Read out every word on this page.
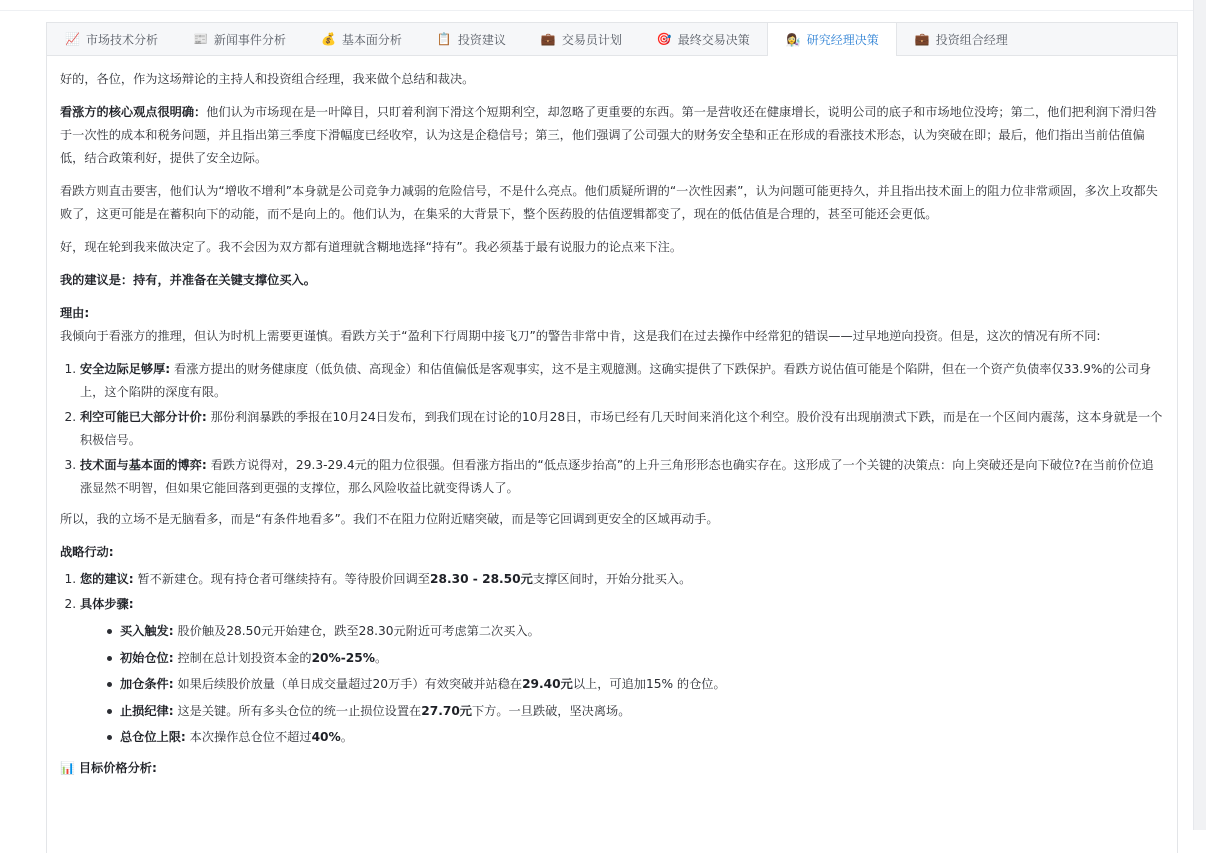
📈 市场技术分析	📰 新闻事件分析	💰 基本面分析	📋 投资建议	💼 交易员计划	🎯 最终交易决策	👩‍🔬 研究经理决策	💼 投资组合经理

好的，各位，作为这场辩论的主持人和投资组合经理，我来做个总结和裁决。

看涨方的核心观点很明确：他们认为市场现在是一叶障目，只盯着利润下滑这个短期利空，却忽略了更重要的东西。第一是营收还在健康增长，说明公司的底子和市场地位没垮；第二，他们把利润下滑归咎于一次性的成本和税务问题，并且指出第三季度下滑幅度已经收窄，认为这是企稳信号；第三，他们强调了公司强大的财务安全垫和正在形成的看涨技术形态，认为突破在即；最后，他们指出当前估值偏低，结合政策利好，提供了安全边际。

看跌方则直击要害，他们认为“增收不增利”本身就是公司竞争力减弱的危险信号，不是什么亮点。他们质疑所谓的“一次性因素”，认为问题可能更持久，并且指出技术面上的阻力位非常顽固，多次上攻都失败了，这更可能是在蓄积向下的动能，而不是向上的。他们认为，在集采的大背景下，整个医药股的估值逻辑都变了，现在的低估值是合理的，甚至可能还会更低。

好，现在轮到我来做决定了。我不会因为双方都有道理就含糊地选择“持有”。我必须基于最有说服力的论点来下注。

我的建议是：持有，并准备在关键支撑位买入。

理由:

我倾向于看涨方的推理，但认为时机上需要更谨慎。看跌方关于“盈利下行周期中接飞刀”的警告非常中肯，这是我们在过去操作中经常犯的错误——过早地逆向投资。但是，这次的情况有所不同:

1. 安全边际足够厚: 看涨方提出的财务健康度（低负债、高现金）和估值偏低是客观事实，这不是主观臆测。这确实提供了下跌保护。看跌方说估值可能是个陷阱，但在一个资产负债率仅33.9%的公司身上，这个陷阱的深度有限。
2. 利空可能已大部分计价: 那份利润暴跌的季报在10月24日发布，到我们现在讨论的10月28日，市场已经有几天时间来消化这个利空。股价没有出现崩溃式下跌，而是在一个区间内震荡，这本身就是一个积极信号。
3. 技术面与基本面的博弈: 看跌方说得对，29.3-29.4元的阻力位很强。但看涨方指出的“低点逐步抬高”的上升三角形形态也确实存在。这形成了一个关键的决策点：向上突破还是向下破位?在当前价位追涨显然不明智，但如果它能回落到更强的支撑位，那么风险收益比就变得诱人了。

所以，我的立场不是无脑看多，而是“有条件地看多”。我们不在阻力位附近赌突破，而是等它回调到更安全的区域再动手。

战略行动:

1. 您的建议: 暂不新建仓。现有持仓者可继续持有。等待股价回调至28.30 - 28.50元支撑区间时，开始分批买入。
2. 具体步骤:
买入触发: 股价触及28.50元开始建仓，跌至28.30元附近可考虑第二次买入。
初始仓位: 控制在总计划投资本金的20%-25%。
加仓条件: 如果后续股价放量（单日成交量超过20万手）有效突破并站稳在29.40元以上，可追加15% 的仓位。
止损纪律: 这是关键。所有多头仓位的统一止损位设置在27.70元下方。一旦跌破，坚决离场。
总仓位上限: 本次操作总仓位不超过40%。

📊 目标价格分析:
